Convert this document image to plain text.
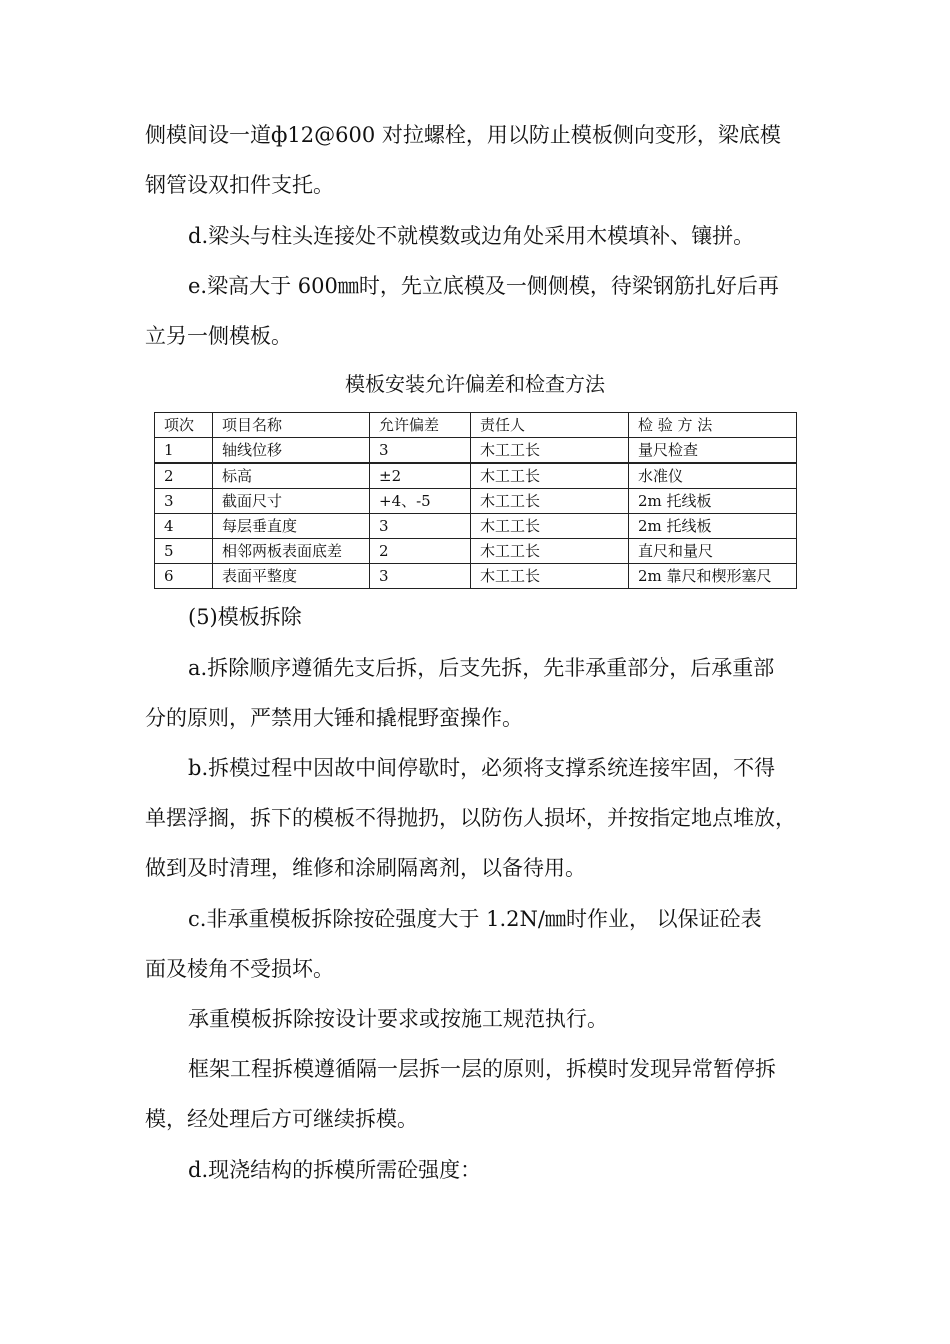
侧模间设一道ф12@600 对拉螺栓，用以防止模板侧向变形，梁底模
钢管设双扣件支托。
d.梁头与柱头连接处不就模数或边角处采用木模填补、镶拼。
e.梁高大于 600㎜时，先立底模及一侧侧模，待梁钢筋扎好后再
立另一侧模板。
模板安装允许偏差和检查方法
项次	项目名称	允许偏差	责任人	检 验 方 法
1	轴线位移	3	木工工长	量尺检查
2	标高	±2	木工工长	水准仪
3	截面尺寸	+4、-5	木工工长	2m 托线板
4	每层垂直度	3	木工工长	2m 托线板
5	相邻两板表面底差	2	木工工长	直尺和量尺
6	表面平整度	3	木工工长	2m 靠尺和楔形塞尺
(5)模板拆除
a.拆除顺序遵循先支后拆，后支先拆，先非承重部分，后承重部
分的原则，严禁用大锤和撬棍野蛮操作。
b.拆模过程中因故中间停歇时，必须将支撑系统连接牢固，不得
单摆浮搁，拆下的模板不得抛扔，以防伤人损坏，并按指定地点堆放，
做到及时清理，维修和涂刷隔离剂，以备待用。
c.非承重模板拆除按砼强度大于 1.2N/㎜时作业， 以保证砼表
面及棱角不受损坏。
承重模板拆除按设计要求或按施工规范执行。
框架工程拆模遵循隔一层拆一层的原则，拆模时发现异常暂停拆
模，经处理后方可继续拆模。
d.现浇结构的拆模所需砼强度：
